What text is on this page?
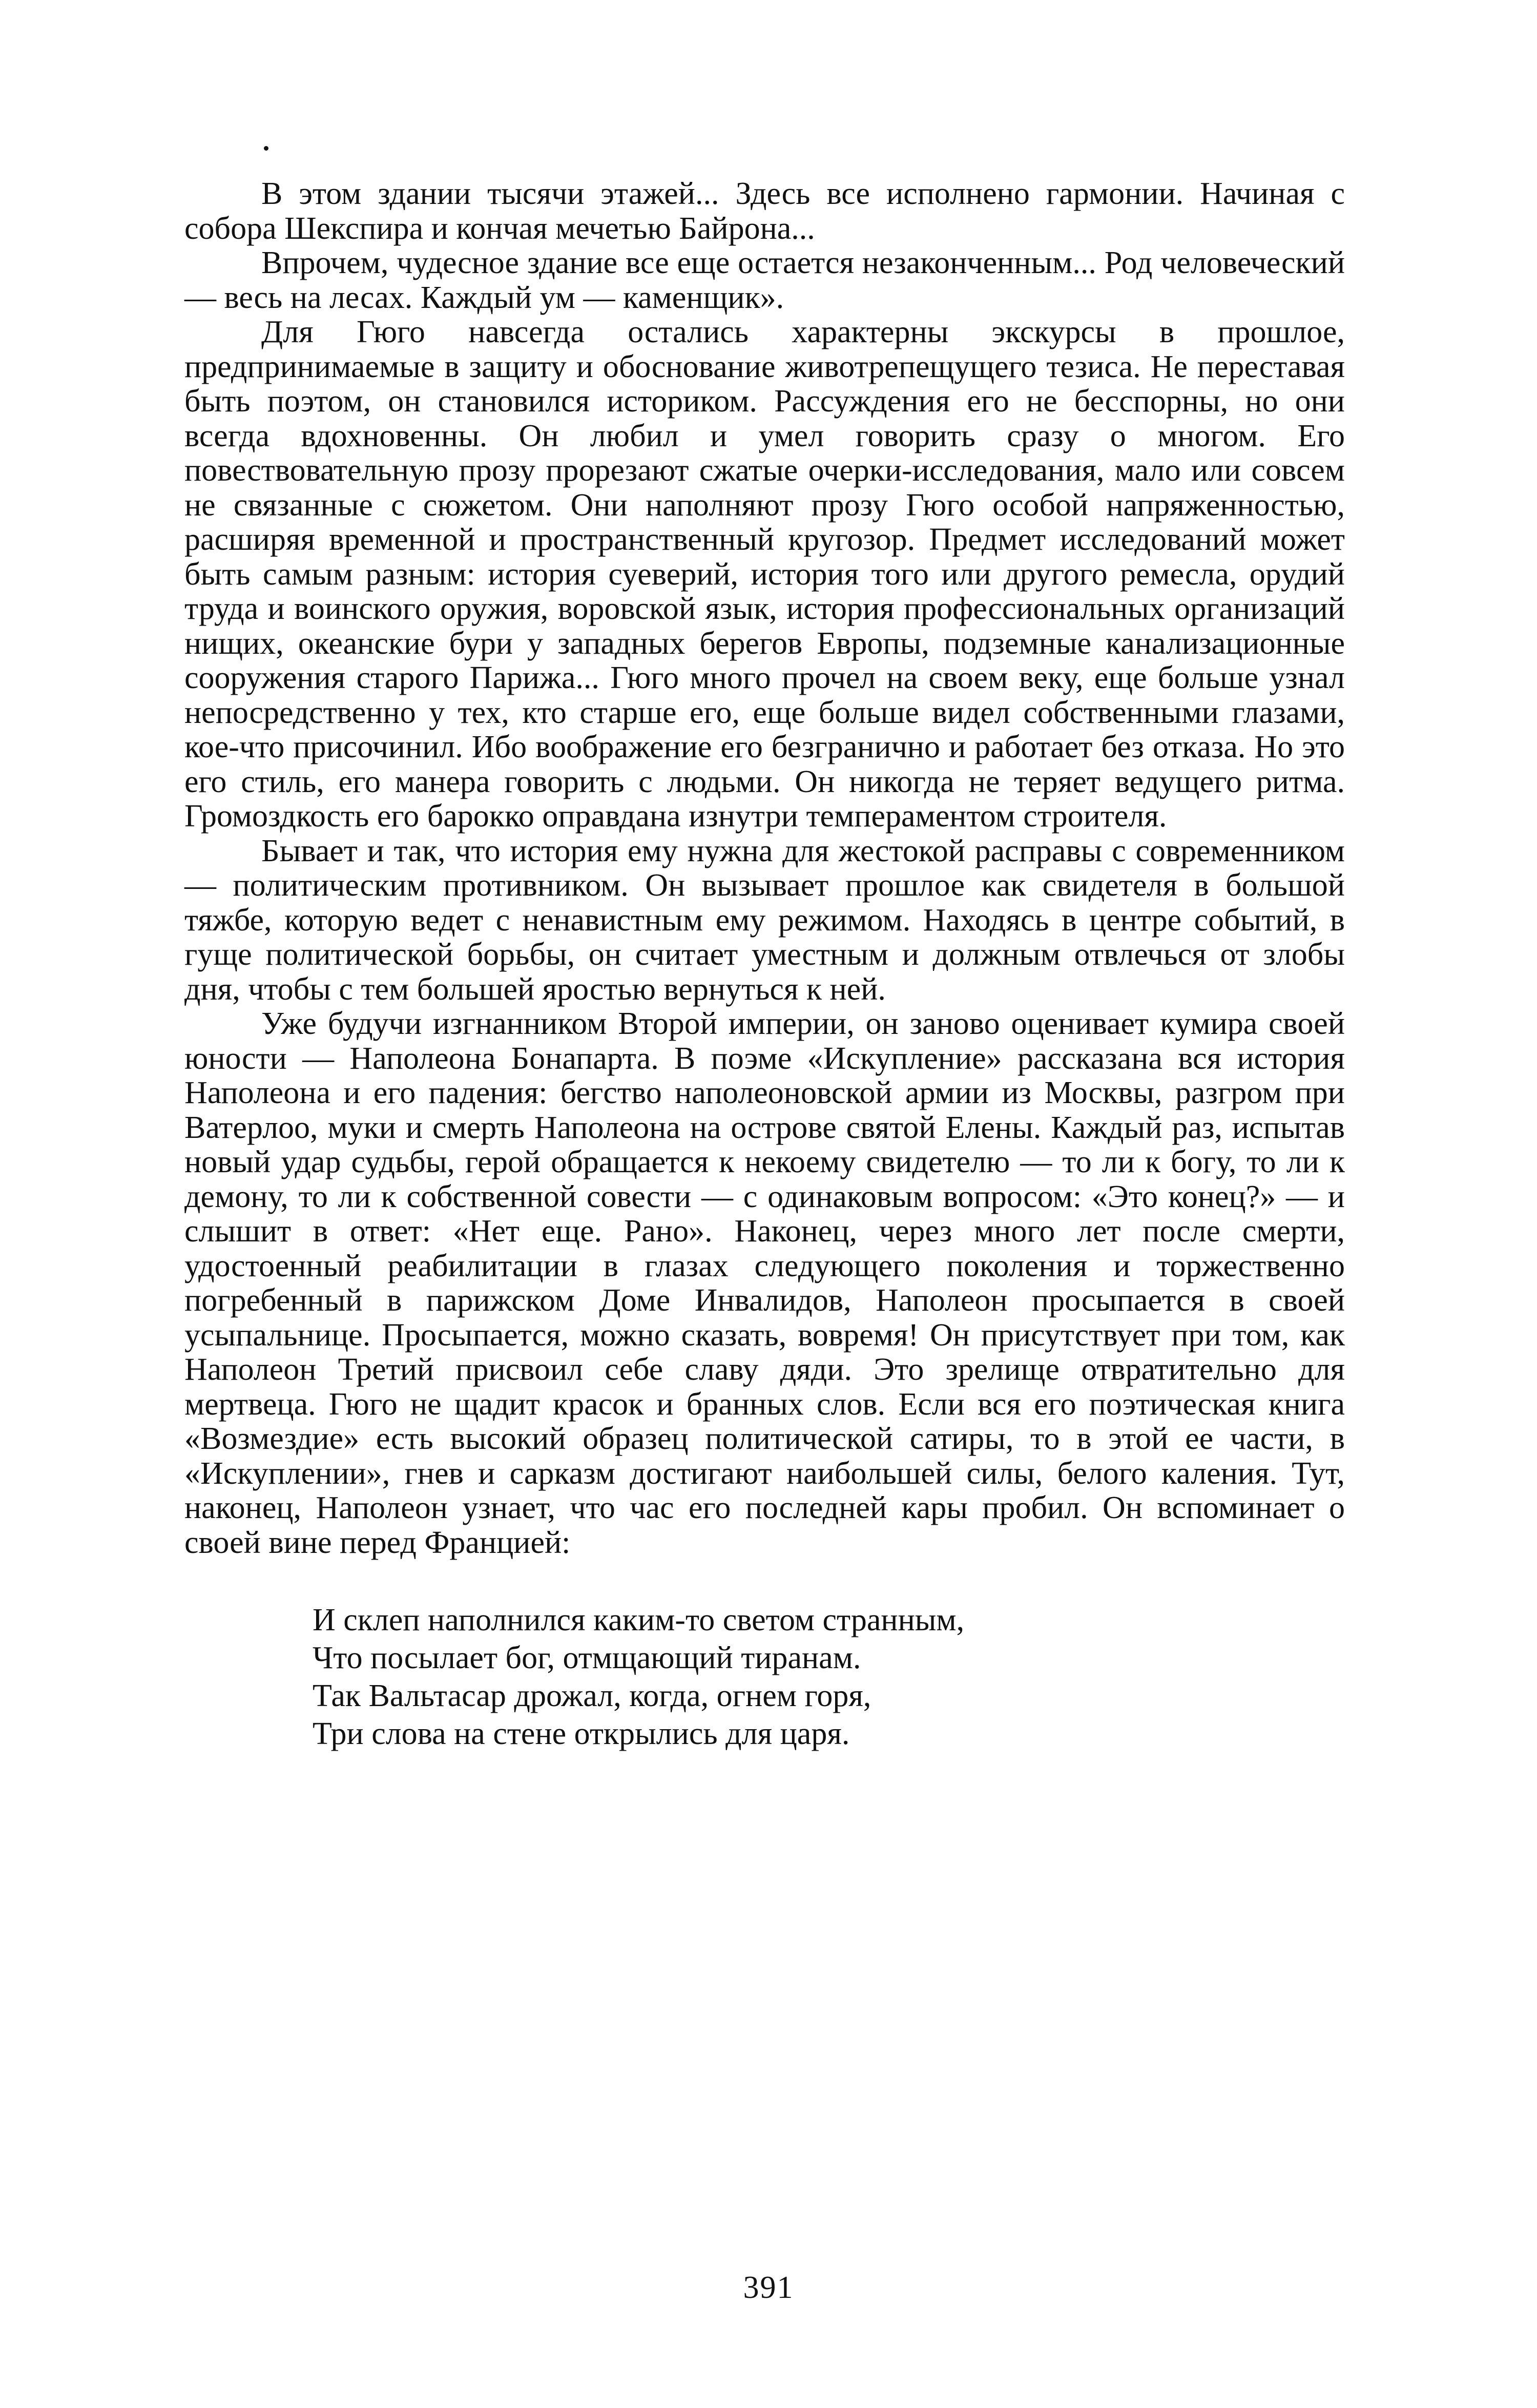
В этом здании тысячи этажей... Здесь все исполнено гармонии. Начиная с собора Шекспира и кончая мечетью Байрона...

Впрочем, чудесное здание все еще остается незаконченным... Род человеческий — весь на лесах. Каждый ум — каменщик».

Для Гюго навсегда остались характерны экскурсы в прошлое, предпринимаемые в защиту и обоснование животрепещущего тезиса. Не переставая быть поэтом, он становился историком. Рассуждения его не бесспорны, но они всегда вдохновенны. Он любил и умел говорить сразу о многом. Его повествовательную прозу прорезают сжатые очерки-исследования, мало или совсем не связанные с сюжетом. Они наполняют прозу Гюго особой напряженностью, расширяя временной и пространственный кругозор. Предмет исследований может быть самым разным: история суеверий, история того или другого ремесла, орудий труда и воинского оружия, воровской язык, история профессиональных организаций нищих, океанские бури у западных берегов Европы, подземные канализационные сооружения старого Парижа... Гюго много прочел на своем веку, еще больше узнал непосредственно у тех, кто старше его, еще больше видел собственными глазами, кое-что присочинил. Ибо воображение его безгранично и работает без отказа. Но это его стиль, его манера говорить с людьми. Он никогда не теряет ведущего ритма. Громоздкость его барокко оправдана изнутри темпераментом строителя.

Бывает и так, что история ему нужна для жестокой расправы с современником — политическим противником. Он вызывает прошлое как свидетеля в большой тяжбе, которую ведет с ненавистным ему режимом. Находясь в центре событий, в гуще политической борьбы, он считает уместным и должным отвлечься от злобы дня, чтобы с тем большей яростью вернуться к ней.

Уже будучи изгнанником Второй империи, он заново оценивает кумира своей юности — Наполеона Бонапарта. В поэме «Искупление» рассказана вся история Наполеона и его падения: бегство наполеоновской армии из Москвы, разгром при Ватерлоо, муки и смерть Наполеона на острове святой Елены. Каждый раз, испытав новый удар судьбы, герой обращается к некоему свидетелю — то ли к богу, то ли к демону, то ли к собственной совести — с одинаковым вопросом: «Это конец?» — и слышит в ответ: «Нет еще. Рано». Наконец, через много лет после смерти, удостоенный реабилитации в глазах следующего поколения и торжественно погребенный в парижском Доме Инвалидов, Наполеон просыпается в своей усыпальнице. Просыпается, можно сказать, вовремя! Он присутствует при том, как Наполеон Третий присвоил себе славу дяди. Это зрелище отвратительно для мертвеца. Гюго не щадит красок и бранных слов. Если вся его поэтическая книга «Возмездие» есть высокий образец политической сатиры, то в этой ее части, в «Искуплении», гнев и сарказм достигают наибольшей силы, белого каления. Тут, наконец, Наполеон узнает, что час его последней кары пробил. Он вспоминает о своей вине перед Францией:

И склеп наполнился каким-то светом странным,
Что посылает бог, отмщающий тиранам.
Так Вальтасар дрожал, когда, огнем горя,
Три слова на стене открылись для царя.
391
